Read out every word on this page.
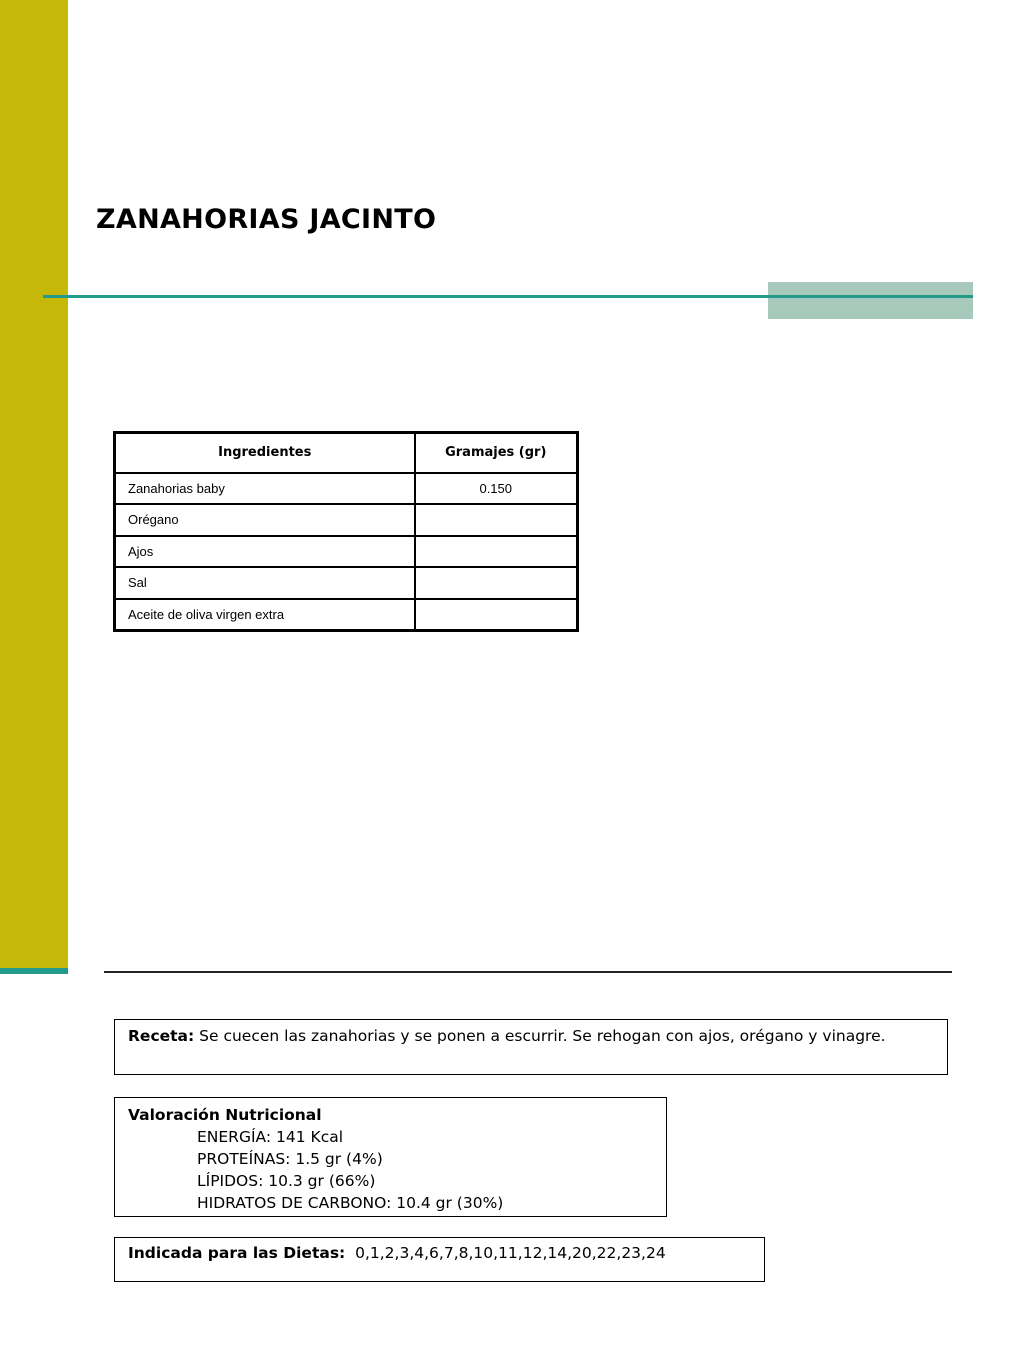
ZANAHORIAS JACINTO
Ingredientes	Gramajes (gr)
Zanahorias baby	0.150
Orégano	
Ajos	
Sal	
Aceite de oliva virgen extra	
Receta: Se cuecen las zanahorias y se ponen a escurrir. Se rehogan con ajos, orégano y vinagre.
Valoración Nutricional
ENERGÍA: 141 Kcal
PROTEÍNAS: 1.5 gr (4%)
LÍPIDOS: 10.3 gr (66%)
HIDRATOS DE CARBONO: 10.4 gr (30%)
Indicada para las Dietas: 0,1,2,3,4,6,7,8,10,11,12,14,20,22,23,24
